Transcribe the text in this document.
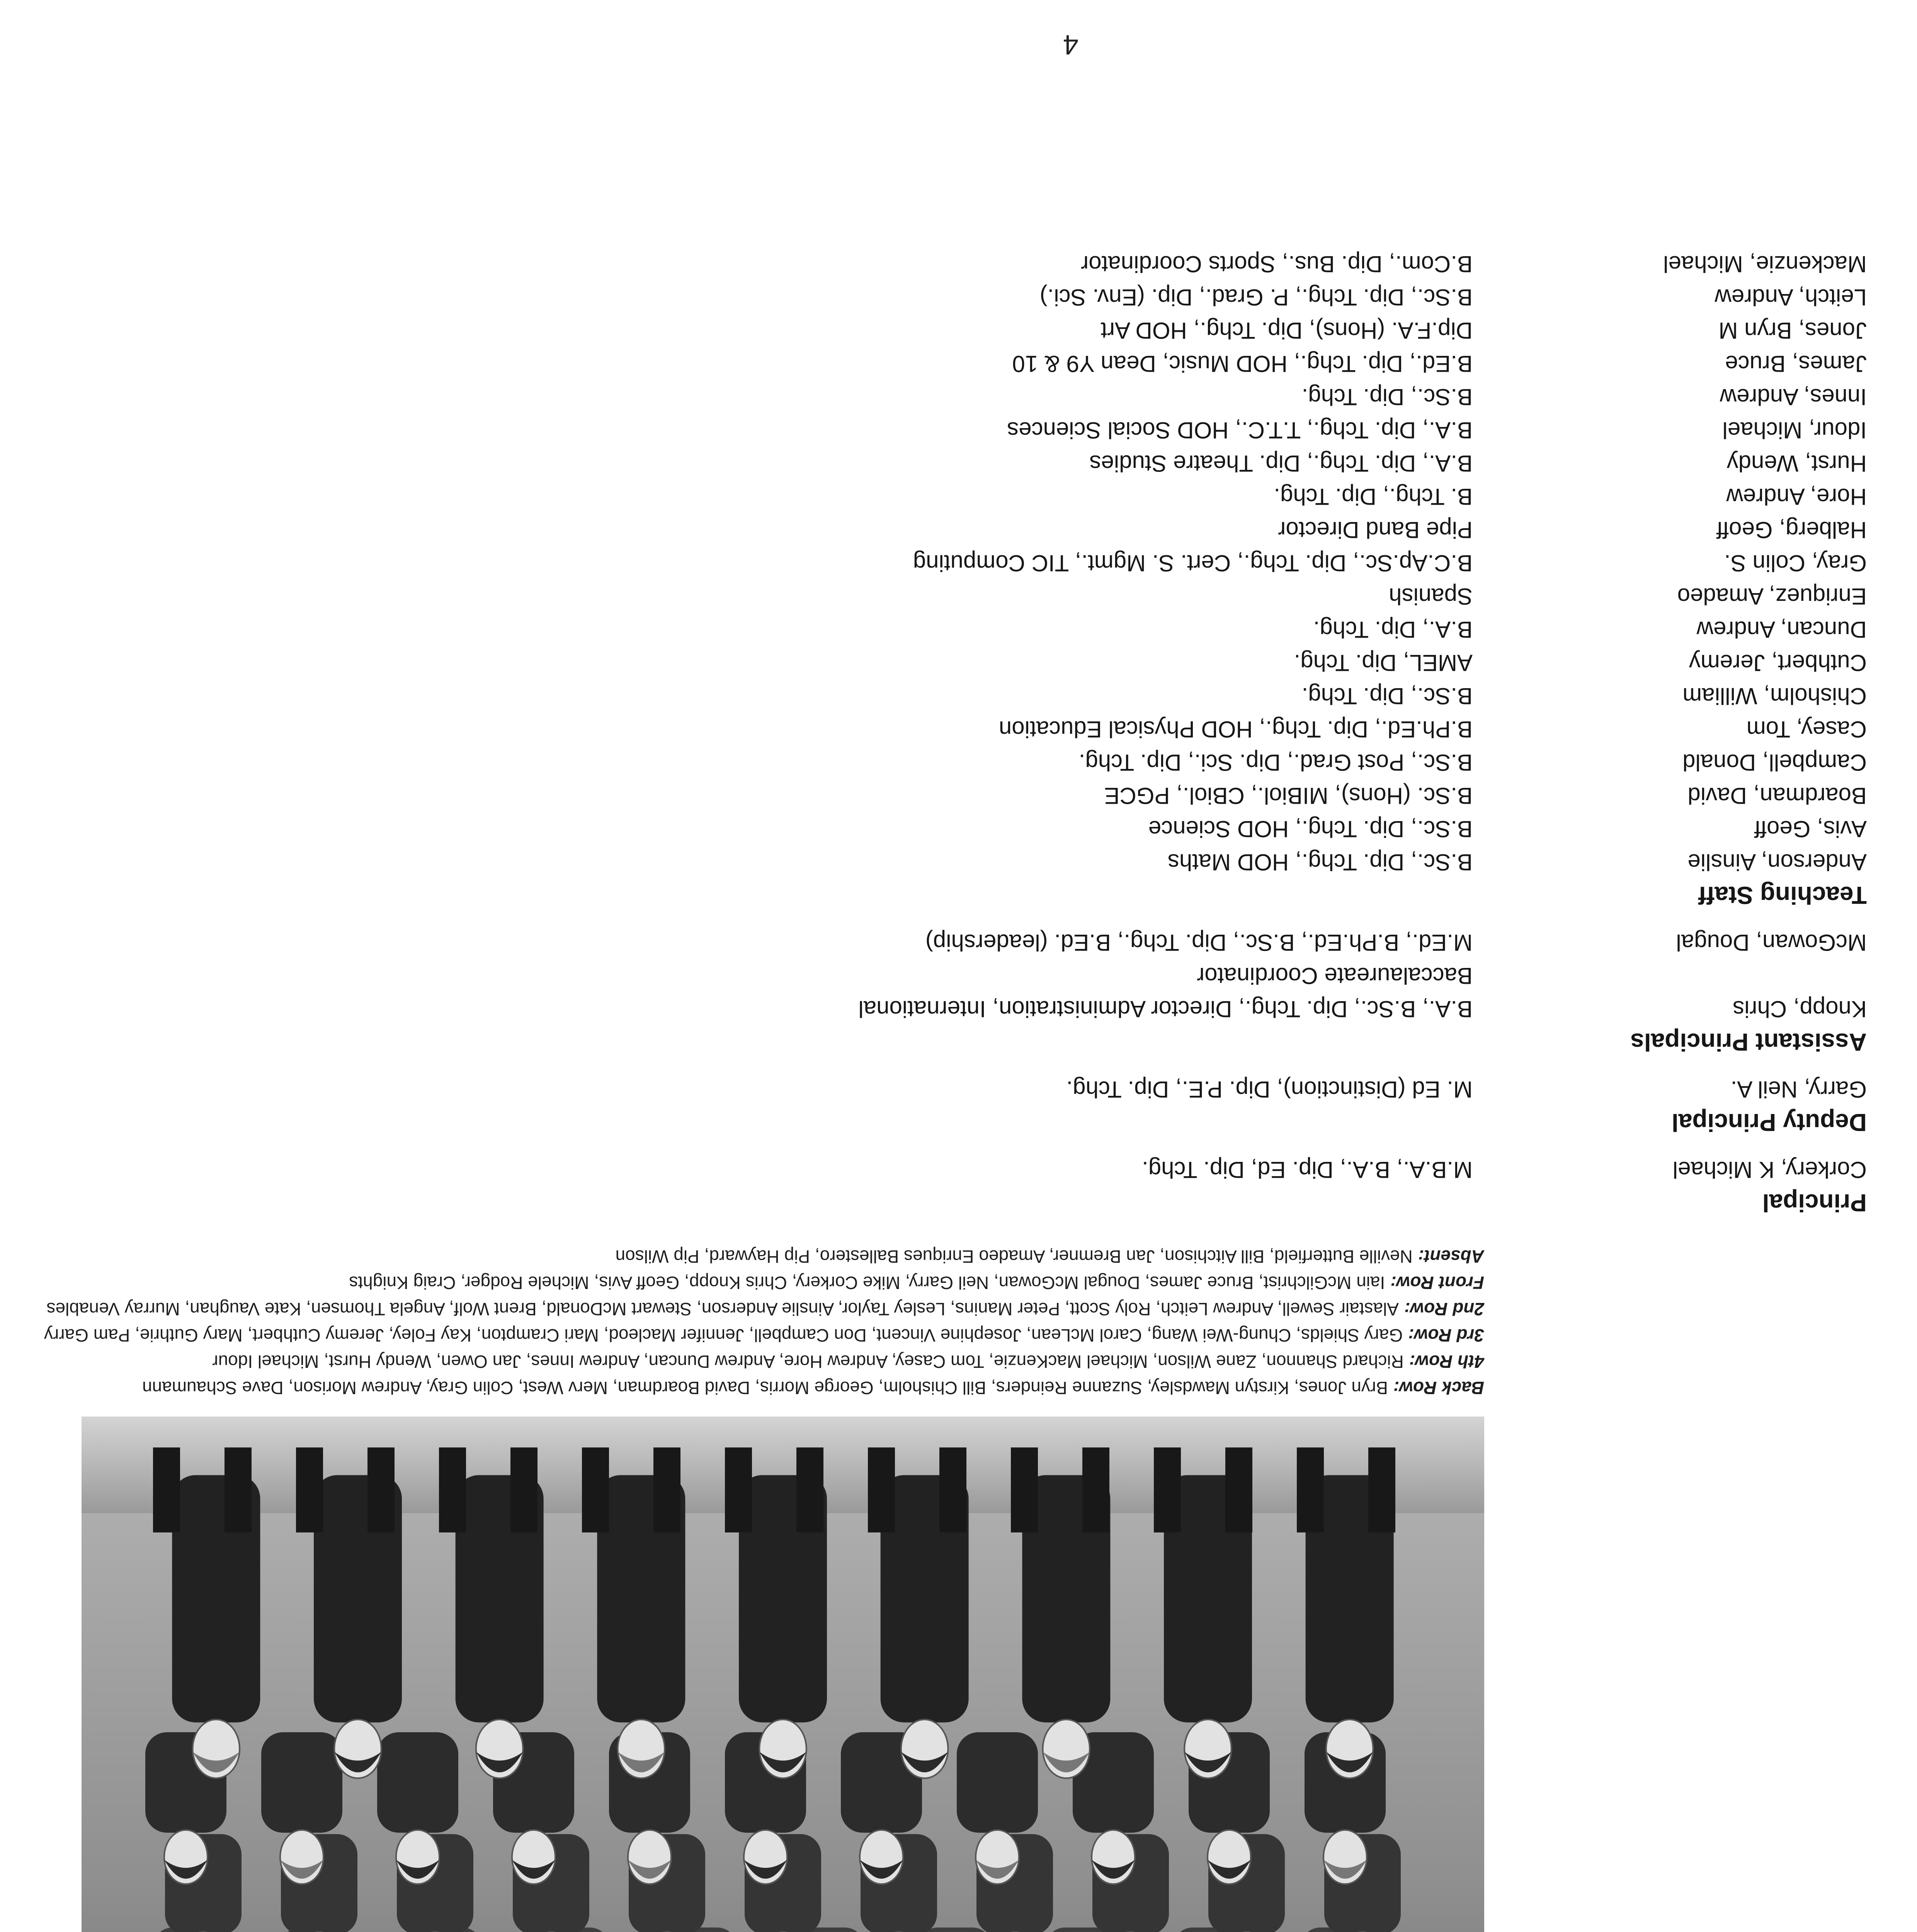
Back Row:Bryn Jones, Kirstyn Mawdsley, Suzanne Reinders, Bill Chisholm, George Morris, David Boardman, Merv West, Colin Gray, Andrew Morison, Dave Schaumann
4th Row:Richard Shannon, Zane Wilson, Michael MacKenzie, Tom Casey, Andrew Hore, Andrew Duncan, Andrew Innes, Jan Owen, Wendy Hurst, Michael Idour
3rd Row:Gary Shields, Chung-Wei Wang, Carol McLean, Josephine Vincent, Don Campbell, Jennifer Macleod, Mari Crampton, Kay Foley, Jeremy Cuthbert, Mary Guthrie, Pam Garry
2nd Row:Alastair Sewell, Andrew Leitch, Roly Scott, Peter Manins, Lesley Taylor, Ainslie Anderson, Stewart McDonald, Brent Wolf, Angela Thomsen, Kate Vaughan, Murray Venables
Front Row:Iain McGilchrist, Bruce James, Dougal McGowan, Neil Garry, Mike Corkery, Chris Knopp, Geoff Avis, Michele Rodger, Craig Knights
Absent:Neville Butterfield, Bill Aitchison, Jan Bremner, Amadeo Enriques Ballestero, Pip Hayward, Pip Wilson
Principal
Corkery, K Michael
M.B.A., B.A., Dip. Ed, Dip. Tchg.
Deputy Principal
Garry, Neil A.
M. Ed (Distinction), Dip. P.E., Dip. Tchg.
Assistant Principals
Knopp, Chris
B.A., B.Sc., Dip. Tchg., Director Administration, International
Baccalaureate Coordinator
McGowan, Dougal
M.Ed., B.Ph.Ed., B.Sc., Dip. Tchg., B.Ed. (leadership)
Teaching Staff
Anderson, Ainslie
B.Sc., Dip. Tchg., HOD Maths
Avis, Geoff
B.Sc., Dip. Tchg., HOD Science
Boardman, David
B.Sc. (Hons), MIBiol., CBiol., PGCE
Campbell, Donald
B.Sc., Post Grad., Dip. Sci., Dip. Tchg.
Casey, Tom
B.Ph.Ed., Dip. Tchg., HOD Physical Education
Chisholm, William
B.Sc., Dip. Tchg.
Cuthbert, Jeremy
AMEL, Dip. Tchg.
Duncan, Andrew
B.A., Dip. Tchg.
Enriquez, Amadeo
Spanish
Gray, Colin S.
B.C.Ap.Sc., Dip. Tchg., Cert. S. Mgmt., TIC Computing
Halberg, Geoff
Pipe Band Director
Hore, Andrew
B. Tchg., Dip. Tchg.
Hurst, Wendy
B.A., Dip. Tchg., Dip. Theatre Studies
Idour, Michael
B.A., Dip. Tchg., T.T.C., HOD Social Sciences
Innes, Andrew
B.Sc., Dip. Tchg.
James, Bruce
B.Ed., Dip. Tchg., HOD Music, Dean Y9 & 10
Jones, Bryn M
Dip.F.A. (Hons), Dip. Tchg., HOD Art
Leitch, Andrew
B.Sc., Dip. Tchg., P. Grad., Dip. (Env. Sci.)
Mackenzie, Michael
B.Com., Dip. Bus., Sports Coordinator
4
